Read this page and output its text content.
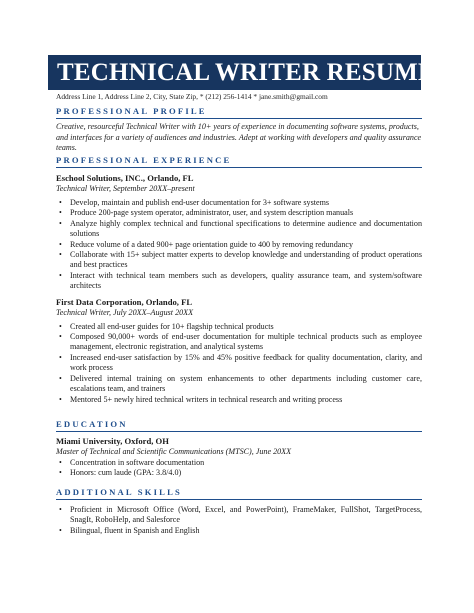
TECHNICAL WRITER RESUME
Address Line 1, Address Line 2, City, State Zip, * (212) 256-1414 * jane.smith@gmail.com
PROFESSIONAL PROFILE
Creative, resourceful Technical Writer with 10+ years of experience in documenting software systems, products, and interfaces for a variety of audiences and industries. Adept at working with developers and quality assurance teams.
PROFESSIONAL EXPERIENCE
Eschool Solutions, INC., Orlando, FL
Technical Writer, September 20XX–present
• Develop, maintain and publish end-user documentation for 3+ software systems
• Produce 200-page system operator, administrator, user, and system description manuals
• Analyze highly complex technical and functional specifications to determine audience and documentation solutions
• Reduce volume of a dated 900+ page orientation guide to 400 by removing redundancy
• Collaborate with 15+ subject matter experts to develop knowledge and understanding of product operations and best practices
• Interact with technical team members such as developers, quality assurance team, and system/software architects
First Data Corporation, Orlando, FL
Technical Writer, July 20XX–August 20XX
• Created all end-user guides for 10+ flagship technical products
• Composed 90,000+ words of end-user documentation for multiple technical products such as employee management, electronic registration, and analytical systems
• Increased end-user satisfaction by 15% and 45% positive feedback for quality documentation, clarity, and work process
• Delivered internal training on system enhancements to other departments including customer care, escalations team, and trainers
• Mentored 5+ newly hired technical writers in technical research and writing process
EDUCATION
Miami University, Oxford, OH
Master of Technical and Scientific Communications (MTSC), June 20XX
• Concentration in software documentation
• Honors: cum laude (GPA: 3.8/4.0)
ADDITIONAL SKILLS
• Proficient in Microsoft Office (Word, Excel, and PowerPoint), FrameMaker, FullShot, TargetProcess, SnagIt, RoboHelp, and Salesforce
• Bilingual, fluent in Spanish and English
